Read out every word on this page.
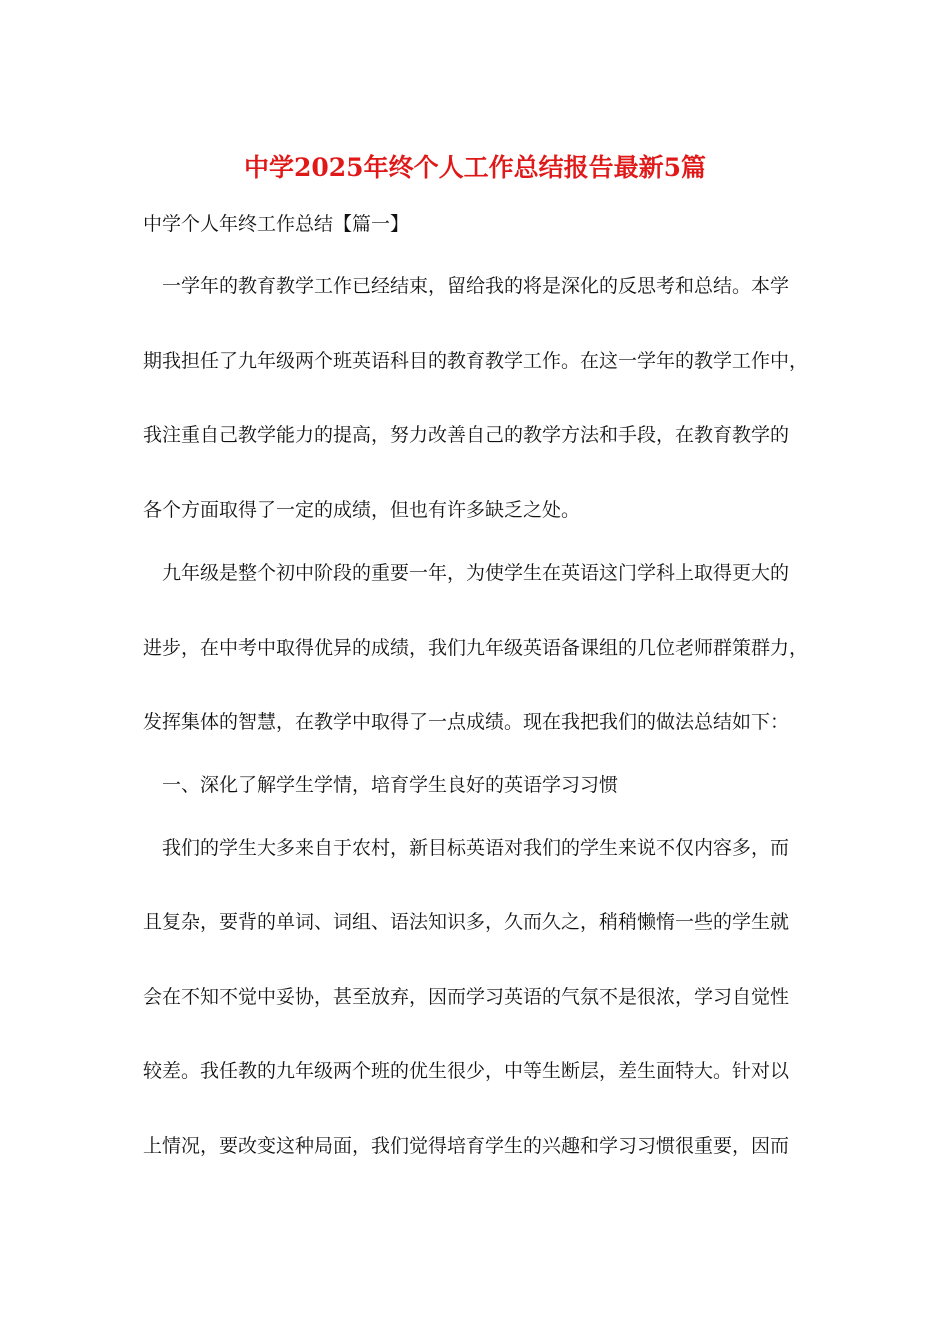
中学2025年终个人工作总结报告最新5篇
中学个人年终工作总结【篇一】
一学年的教育教学工作已经结束，留给我的将是深化的反思考和总结。本学
期我担任了九年级两个班英语科目的教育教学工作。在这一学年的教学工作中，
我注重自己教学能力的提高，努力改善自己的教学方法和手段，在教育教学的
各个方面取得了一定的成绩，但也有许多缺乏之处。
九年级是整个初中阶段的重要一年，为使学生在英语这门学科上取得更大的
进步，在中考中取得优异的成绩，我们九年级英语备课组的几位老师群策群力，
发挥集体的智慧，在教学中取得了一点成绩。现在我把我们的做法总结如下：
一、深化了解学生学情，培育学生良好的英语学习习惯
我们的学生大多来自于农村，新目标英语对我们的学生来说不仅内容多，而
且复杂，要背的单词、词组、语法知识多，久而久之，稍稍懒惰一些的学生就
会在不知不觉中妥协，甚至放弃，因而学习英语的气氛不是很浓，学习自觉性
较差。我任教的九年级两个班的优生很少，中等生断层，差生面特大。针对以
上情况，要改变这种局面，我们觉得培育学生的兴趣和学习习惯很重要，因而
